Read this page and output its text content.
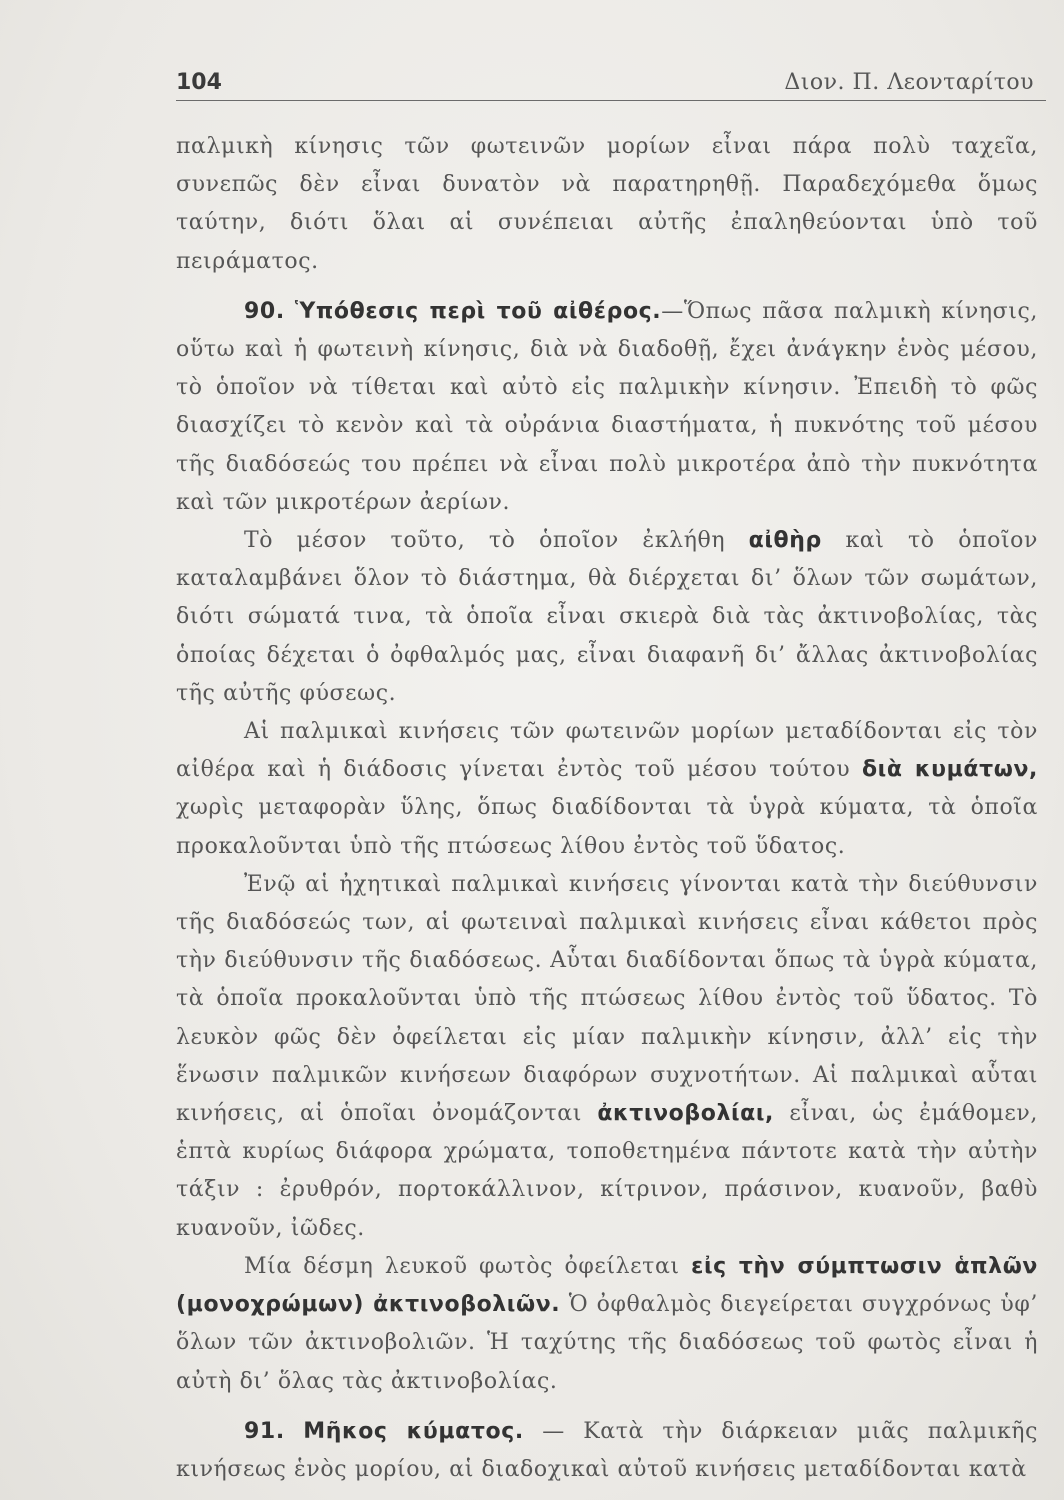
104	Διον. Π. Λεονταρίτου

παλμικὴ κίνησις τῶν φωτεινῶν μορίων εἶναι πάρα πολὺ ταχεῖα, συνεπῶς δὲν εἶναι δυνατὸν νὰ παρατηρηθῇ. Παραδεχόμεθα ὅμως ταύτην, διότι ὅλαι αἱ συνέπειαι αὐτῆς ἐπαληθεύονται ὑπὸ τοῦ πειράματος.

90. Ὑπόθεσις περὶ τοῦ αἰθέρος.—Ὅπως πᾶσα παλμικὴ κίνησις, οὕτω καὶ ἡ φωτεινὴ κίνησις, διὰ νὰ διαδοθῇ, ἔχει ἀνάγκην ἑνὸς μέσου, τὸ ὁποῖον νὰ τίθεται καὶ αὐτὸ εἰς παλμικὴν κίνησιν. Ἐπειδὴ τὸ φῶς διασχίζει τὸ κενὸν καὶ τὰ οὐράνια διαστήματα, ἡ πυκνότης τοῦ μέσου τῆς διαδόσεώς του πρέπει νὰ εἶναι πολὺ μικροτέρα ἀπὸ τὴν πυκνότητα καὶ τῶν μικροτέρων ἀερίων.

Τὸ μέσον τοῦτο, τὸ ὁποῖον ἐκλήθη αἰθὴρ καὶ τὸ ὁποῖον καταλαμβάνει ὅλον τὸ διάστημα, θὰ διέρχεται δι’ ὅλων τῶν σωμάτων, διότι σώματά τινα, τὰ ὁποῖα εἶναι σκιερὰ διὰ τὰς ἀκτινοβολίας, τὰς ὁποίας δέχεται ὁ ὀφθαλμός μας, εἶναι διαφανῆ δι’ ἄλλας ἀκτινοβολίας τῆς αὐτῆς φύσεως.

Αἱ παλμικαὶ κινήσεις τῶν φωτεινῶν μορίων μεταδίδονται εἰς τὸν αἰθέρα καὶ ἡ διάδοσις γίνεται ἐντὸς τοῦ μέσου τούτου διὰ κυμάτων, χωρὶς μεταφορὰν ὕλης, ὅπως διαδίδονται τὰ ὑγρὰ κύματα, τὰ ὁποῖα προκαλοῦνται ὑπὸ τῆς πτώσεως λίθου ἐντὸς τοῦ ὕδατος.

Ἐνῷ αἱ ἠχητικαὶ παλμικαὶ κινήσεις γίνονται κατὰ τὴν διεύθυνσιν τῆς διαδόσεώς των, αἱ φωτειναὶ παλμικαὶ κινήσεις εἶναι κάθετοι πρὸς τὴν διεύθυνσιν τῆς διαδόσεως. Αὗται διαδίδονται ὅπως τὰ ὑγρὰ κύματα, τὰ ὁποῖα προκαλοῦνται ὑπὸ τῆς πτώσεως λίθου ἐντὸς τοῦ ὕδατος. Τὸ λευκὸν φῶς δὲν ὀφείλεται εἰς μίαν παλμικὴν κίνησιν, ἀλλ’ εἰς τὴν ἕνωσιν παλμικῶν κινήσεων διαφόρων συχνοτήτων. Αἱ παλμικαὶ αὗται κινήσεις, αἱ ὁποῖαι ὀνομάζονται ἀκτινοβολίαι, εἶναι, ὡς ἐμάθομεν, ἑπτὰ κυρίως διάφορα χρώματα, τοποθετημένα πάντοτε κατὰ τὴν αὐτὴν τάξιν : ἐρυθρόν, πορτοκάλλινον, κίτρινον, πράσινον, κυανοῦν, βαθὺ κυανοῦν, ἰῶδες.

Μία δέσμη λευκοῦ φωτὸς ὀφείλεται εἰς τὴν σύμπτωσιν ἁπλῶν (μονοχρώμων) ἀκτινοβολιῶν. Ὁ ὀφθαλμὸς διεγείρεται συγχρόνως ὑφ’ ὅλων τῶν ἀκτινοβολιῶν. Ἡ ταχύτης τῆς διαδόσεως τοῦ φωτὸς εἶναι ἡ αὐτὴ δι’ ὅλας τὰς ἀκτινοβολίας.

91. Μῆκος κύματος. — Κατὰ τὴν διάρκειαν μιᾶς παλμικῆς κινήσεως ἑνὸς μορίου, αἱ διαδοχικαὶ αὐτοῦ κινήσεις μεταδίδονται κατὰ
